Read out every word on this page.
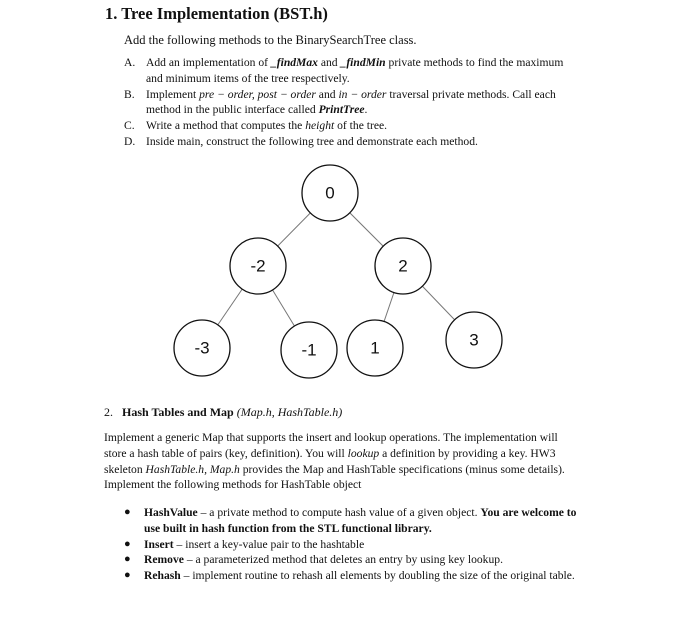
1. Tree Implementation (BST.h)
Add the following methods to the BinarySearchTree class.
A. Add an implementation of _findMax and _findMin private methods to find the maximum
and minimum items of the tree respectively.
B. Implement pre − order, post − order and in − order traversal private methods. Call each
method in the public interface called PrintTree.
C. Write a method that computes the height of the tree.
D. Inside main, construct the following tree and demonstrate each method.
0
-2	2
-3	-1	1	3
2. Hash Tables and Map (Map.h, HashTable.h)
Implement a generic Map that supports the insert and lookup operations. The implementation will
store a hash table of pairs (key, definition). You will lookup a definition by providing a key. HW3
skeleton HashTable.h, Map.h provides the Map and HashTable specifications (minus some details).
Implement the following methods for HashTable object
● HashValue – a private method to compute hash value of a given object. You are welcome to
use built in hash function from the STL functional library.
● Insert – insert a key-value pair to the hashtable
● Remove – a parameterized method that deletes an entry by using key lookup.
● Rehash – implement routine to rehash all elements by doubling the size of the original table.
